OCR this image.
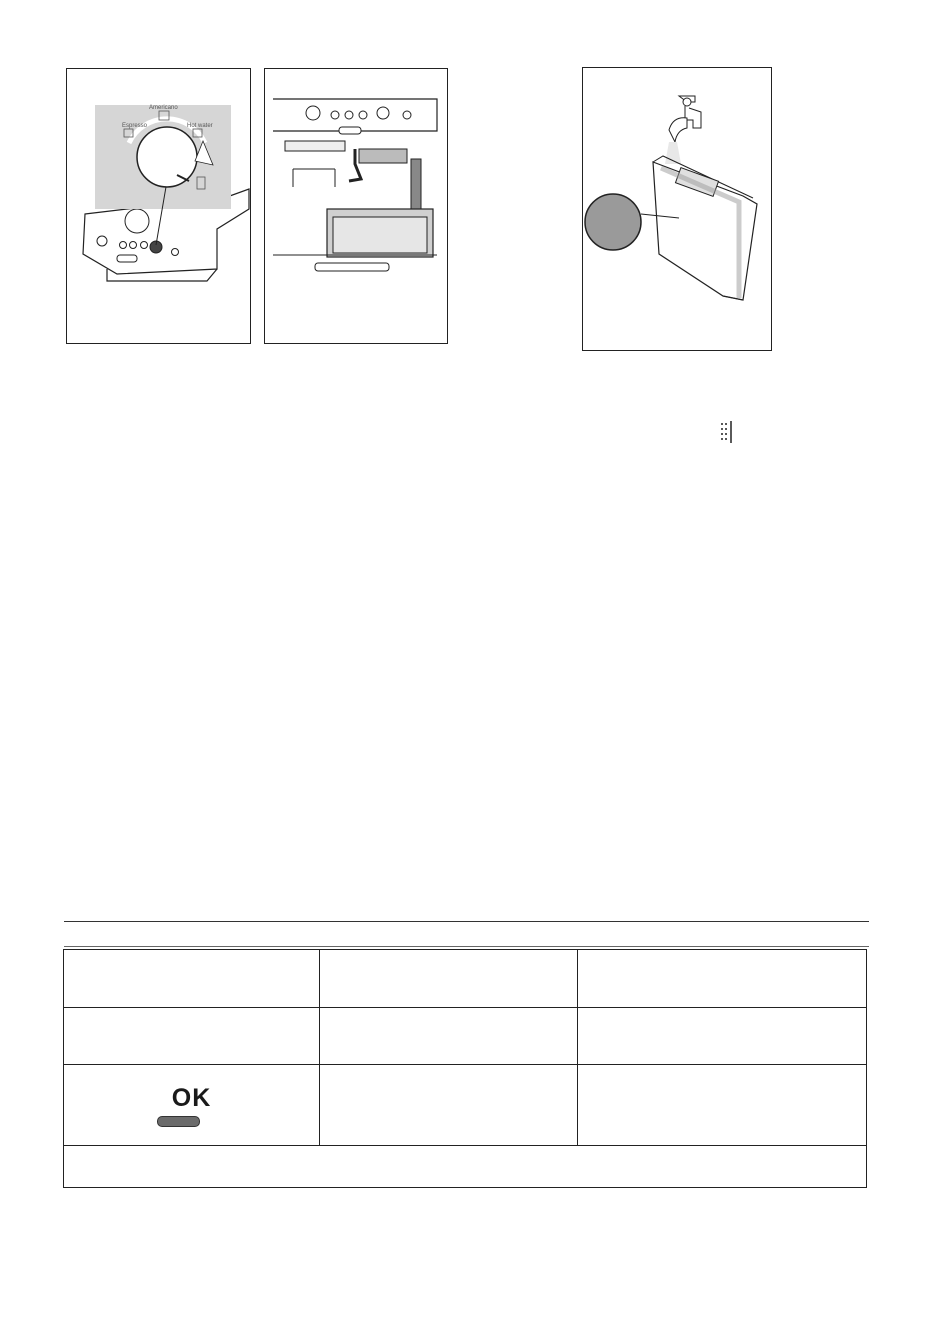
Americano
Espresso	Hot water
OK
